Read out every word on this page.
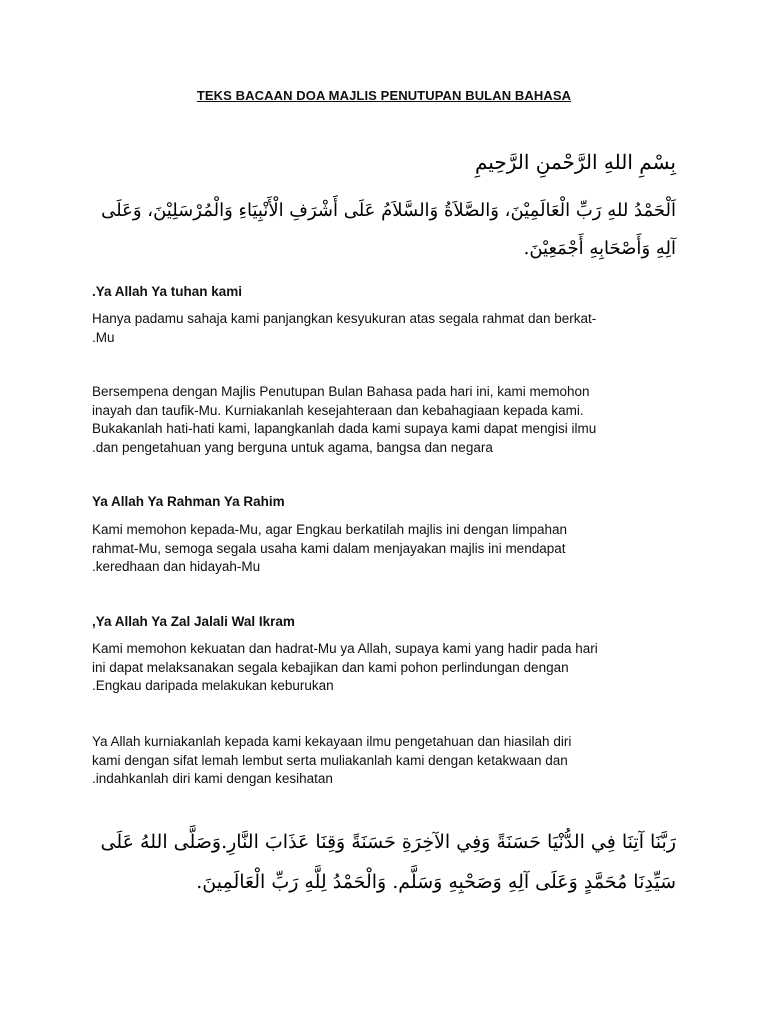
TEKS BACAAN DOA MAJLIS PENUTUPAN BULAN BAHASA
بِسْمِ اللهِ الرَّحْمنِ الرَّحِيمِ
اَلْحَمْدُ للهِ رَبِّ الْعَالَمِيْنَ، وَالصَّلاَةُ وَالسَّلاَمُ عَلَى أَشْرَفِ الْأَنْبِيَاءِ وَالْمُرْسَلِيْنَ، وَعَلَى
آلِهِ وَأَصْحَابِهِ أَجْمَعِيْنَ.
.Ya Allah Ya tuhan kami
Hanya padamu sahaja kami panjangkan kesyukuran atas segala rahmat dan berkat-
.Mu
Bersempena dengan Majlis Penutupan Bulan Bahasa pada hari ini, kami memohon
inayah dan taufik-Mu. Kurniakanlah kesejahteraan dan kebahagiaan kepada kami.
Bukakanlah hati-hati kami, lapangkanlah dada kami supaya kami dapat mengisi ilmu
.dan pengetahuan yang berguna untuk agama, bangsa dan negara
Ya Allah Ya Rahman Ya Rahim
Kami memohon kepada-Mu, agar Engkau berkatilah majlis ini dengan limpahan
rahmat-Mu, semoga segala usaha kami dalam menjayakan majlis ini mendapat
.keredhaan dan hidayah-Mu
,Ya Allah Ya Zal Jalali Wal Ikram
Kami memohon kekuatan dan hadrat-Mu ya Allah, supaya kami yang hadir pada hari
ini dapat melaksanakan segala kebajikan dan kami pohon perlindungan dengan
.Engkau daripada melakukan keburukan
Ya Allah kurniakanlah kepada kami kekayaan ilmu pengetahuan dan hiasilah diri
kami dengan sifat lemah lembut serta muliakanlah kami dengan ketakwaan dan
.indahkanlah diri kami dengan kesihatan
رَبَّنَا آتِنَا فِي الدُّنْيَا حَسَنَةً وَفِي الآخِرَةِ حَسَنَةً وَقِنَا عَذَابَ النَّارِ.وَصَلَّى اللهُ عَلَى
سَيِّدِنَا مُحَمَّدٍ وَعَلَى آلِهِ وَصَحْبِهِ وَسَلَّم. وَالْحَمْدُ لِلَّهِ رَبِّ الْعَالَمِينَ.
